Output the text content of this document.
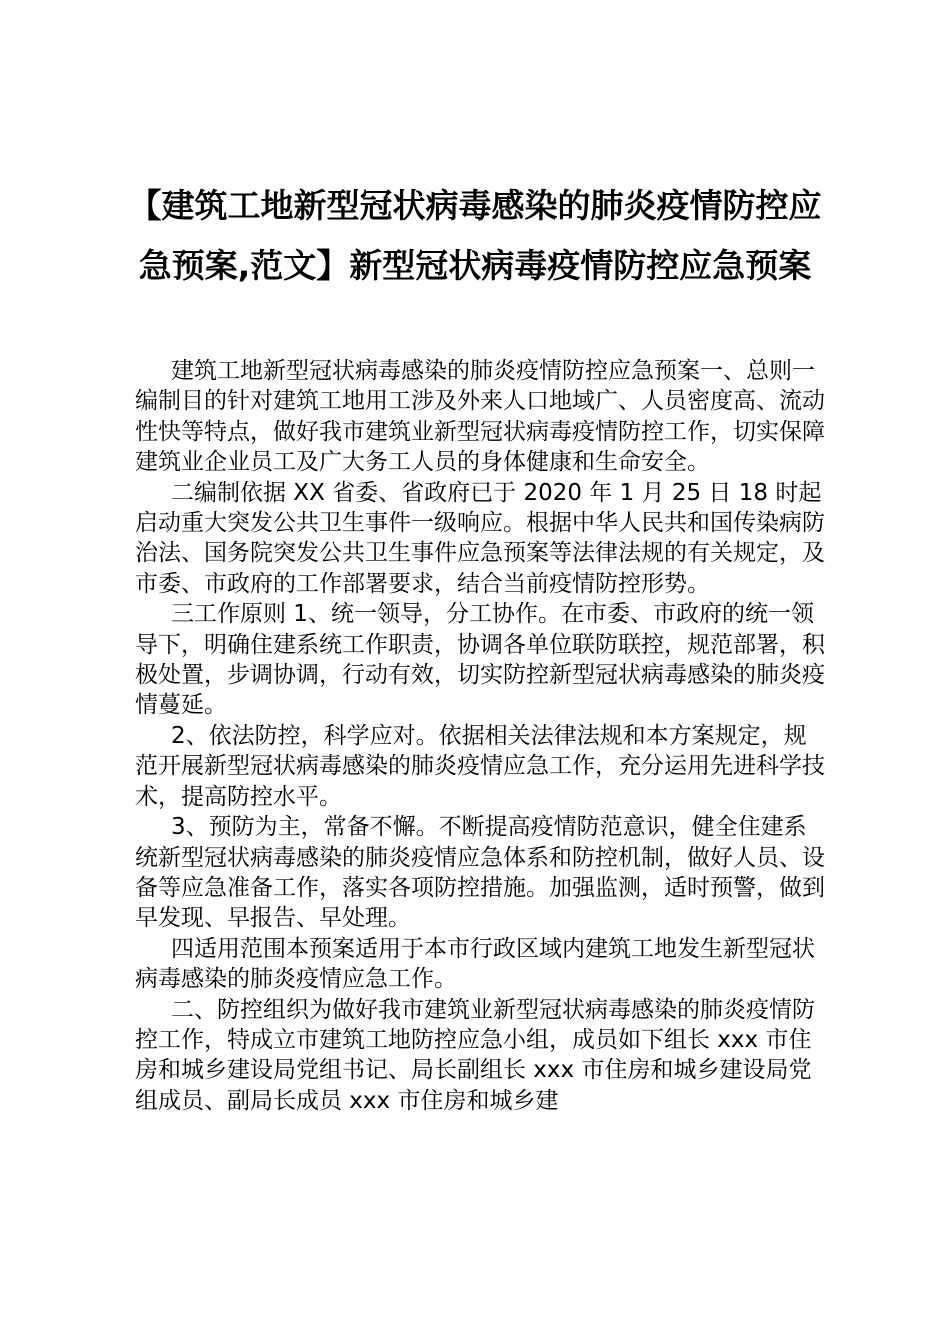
【建筑工地新型冠状病毒感染的肺炎疫情防控应急预案,范文】新型冠状病毒疫情防控应急预案

建筑工地新型冠状病毒感染的肺炎疫情防控应急预案一、总则一编制目的针对建筑工地用工涉及外来人口地域广、人员密度高、流动性快等特点，做好我市建筑业新型冠状病毒疫情防控工作，切实保障建筑业企业员工及广大务工人员的身体健康和生命安全。

二编制依据 XX 省委、省政府已于 2020 年 1 月 25 日 18 时起启动重大突发公共卫生事件一级响应。根据中华人民共和国传染病防治法、国务院突发公共卫生事件应急预案等法律法规的有关规定，及市委、市政府的工作部署要求，结合当前疫情防控形势。

三工作原则 1、统一领导，分工协作。在市委、市政府的统一领导下，明确住建系统工作职责，协调各单位联防联控，规范部署，积极处置，步调协调，行动有效，切实防控新型冠状病毒感染的肺炎疫情蔓延。

2、依法防控，科学应对。依据相关法律法规和本方案规定，规范开展新型冠状病毒感染的肺炎疫情应急工作，充分运用先进科学技术，提高防控水平。

3、预防为主，常备不懈。不断提高疫情防范意识，健全住建系统新型冠状病毒感染的肺炎疫情应急体系和防控机制，做好人员、设备等应急准备工作，落实各项防控措施。加强监测，适时预警，做到早发现、早报告、早处理。

四适用范围本预案适用于本市行政区域内建筑工地发生新型冠状病毒感染的肺炎疫情应急工作。

二、防控组织为做好我市建筑业新型冠状病毒感染的肺炎疫情防控工作，特成立市建筑工地防控应急小组，成员如下组长 xxx 市住房和城乡建设局党组书记、局长副组长 xxx 市住房和城乡建设局党组成员、副局长成员 xxx 市住房和城乡建
